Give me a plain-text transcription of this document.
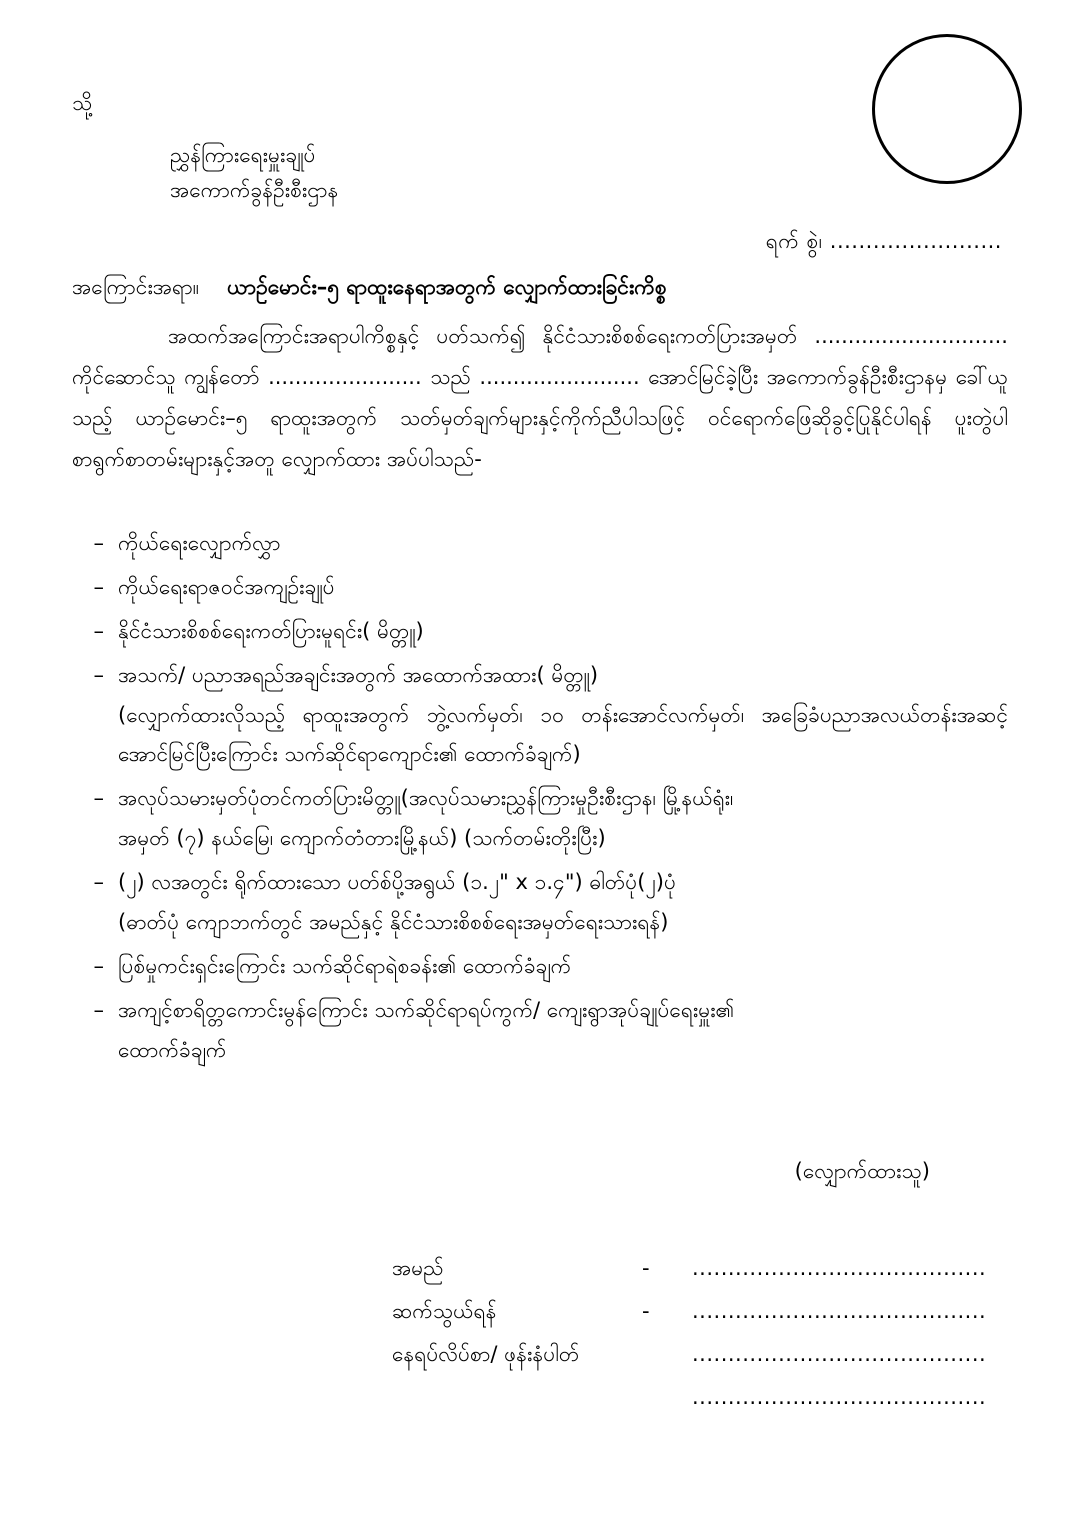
သို့
ညွှန်ကြားရေးမှူးချုပ်
အကောက်ခွန်ဦးစီးဌာန
ရက် စွဲ၊ ........................
အကြောင်းအရာ။ ယာဉ်မောင်း–၅ ရာထူးနေရာအတွက် လျှောက်ထားခြင်းကိစ္စ

အထက်အကြောင်းအရာပါကိစ္စနှင့် ပတ်သက်၍ နိုင်ငံသားစိစစ်ရေးကတ်ပြားအမှတ် ............................. ကိုင်ဆောင်သူ ကျွန်တော် ....................... သည် ........................ အောင်မြင်ခဲ့ပြီး အကောက်ခွန်ဦးစီးဌာနမှ ခေါ်ယူသည့် ယာဉ်မောင်း–၅ ရာထူးအတွက် သတ်မှတ်ချက်များနှင့်ကိုက်ညီပါသဖြင့် ဝင်ရောက်ဖြေဆိုခွင့်ပြုနိုင်ပါရန် ပူးတွဲပါ စာရွက်စာတမ်းများနှင့်အတူ လျှောက်ထား အပ်ပါသည်-

– ကိုယ်ရေးလျှောက်လွှာ
– ကိုယ်ရေးရာဇဝင်အကျဉ်းချုပ်
– နိုင်ငံသားစိစစ်ရေးကတ်ပြားမူရင်း( မိတ္တူ)
– အသက်/ ပညာအရည်အချင်းအတွက် အထောက်အထား( မိတ္တူ)
(လျှောက်ထားလိုသည့် ရာထူးအတွက် ဘွဲ့လက်မှတ်၊ ၁၀ တန်းအောင်လက်မှတ်၊ အခြေခံပညာအလယ်တန်းအဆင့် အောင်မြင်ပြီးကြောင်း သက်ဆိုင်ရာကျောင်း၏ ထောက်ခံချက်)
– အလုပ်သမားမှတ်ပုံတင်ကတ်ပြားမိတ္တူ(အလုပ်သမားညွှန်ကြားမှုဦးစီးဌာန၊ မြို့နယ်ရုံး၊
အမှတ် (၇) နယ်မြေ၊ ကျောက်တံတားမြို့နယ်) (သက်တမ်းတိုးပြီး)
– (၂) လအတွင်း ရိုက်ထားသော ပတ်စ်ပို့အရွယ် (၁.၂" x ၁.၄") ဓါတ်ပုံ(၂)ပုံ
(ဓာတ်ပုံ ကျောဘက်တွင် အမည်နှင့် နိုင်ငံသားစိစစ်ရေးအမှတ်ရေးသားရန်)
– ပြစ်မှုကင်းရှင်းကြောင်း သက်ဆိုင်ရာရဲစခန်း၏ ထောက်ခံချက်
– အကျင့်စာရိတ္တကောင်းမွန်ကြောင်း သက်ဆိုင်ရာရပ်ကွက်/ ကျေးရွာအုပ်ချုပ်ရေးမှူး၏
ထောက်ခံချက်
(လျှောက်ထားသူ)
အမည်	-	.........................................
ဆက်သွယ်ရန်	-	.........................................
နေရပ်လိပ်စာ/ ဖုန်းနံပါတ်	.........................................
.........................................
